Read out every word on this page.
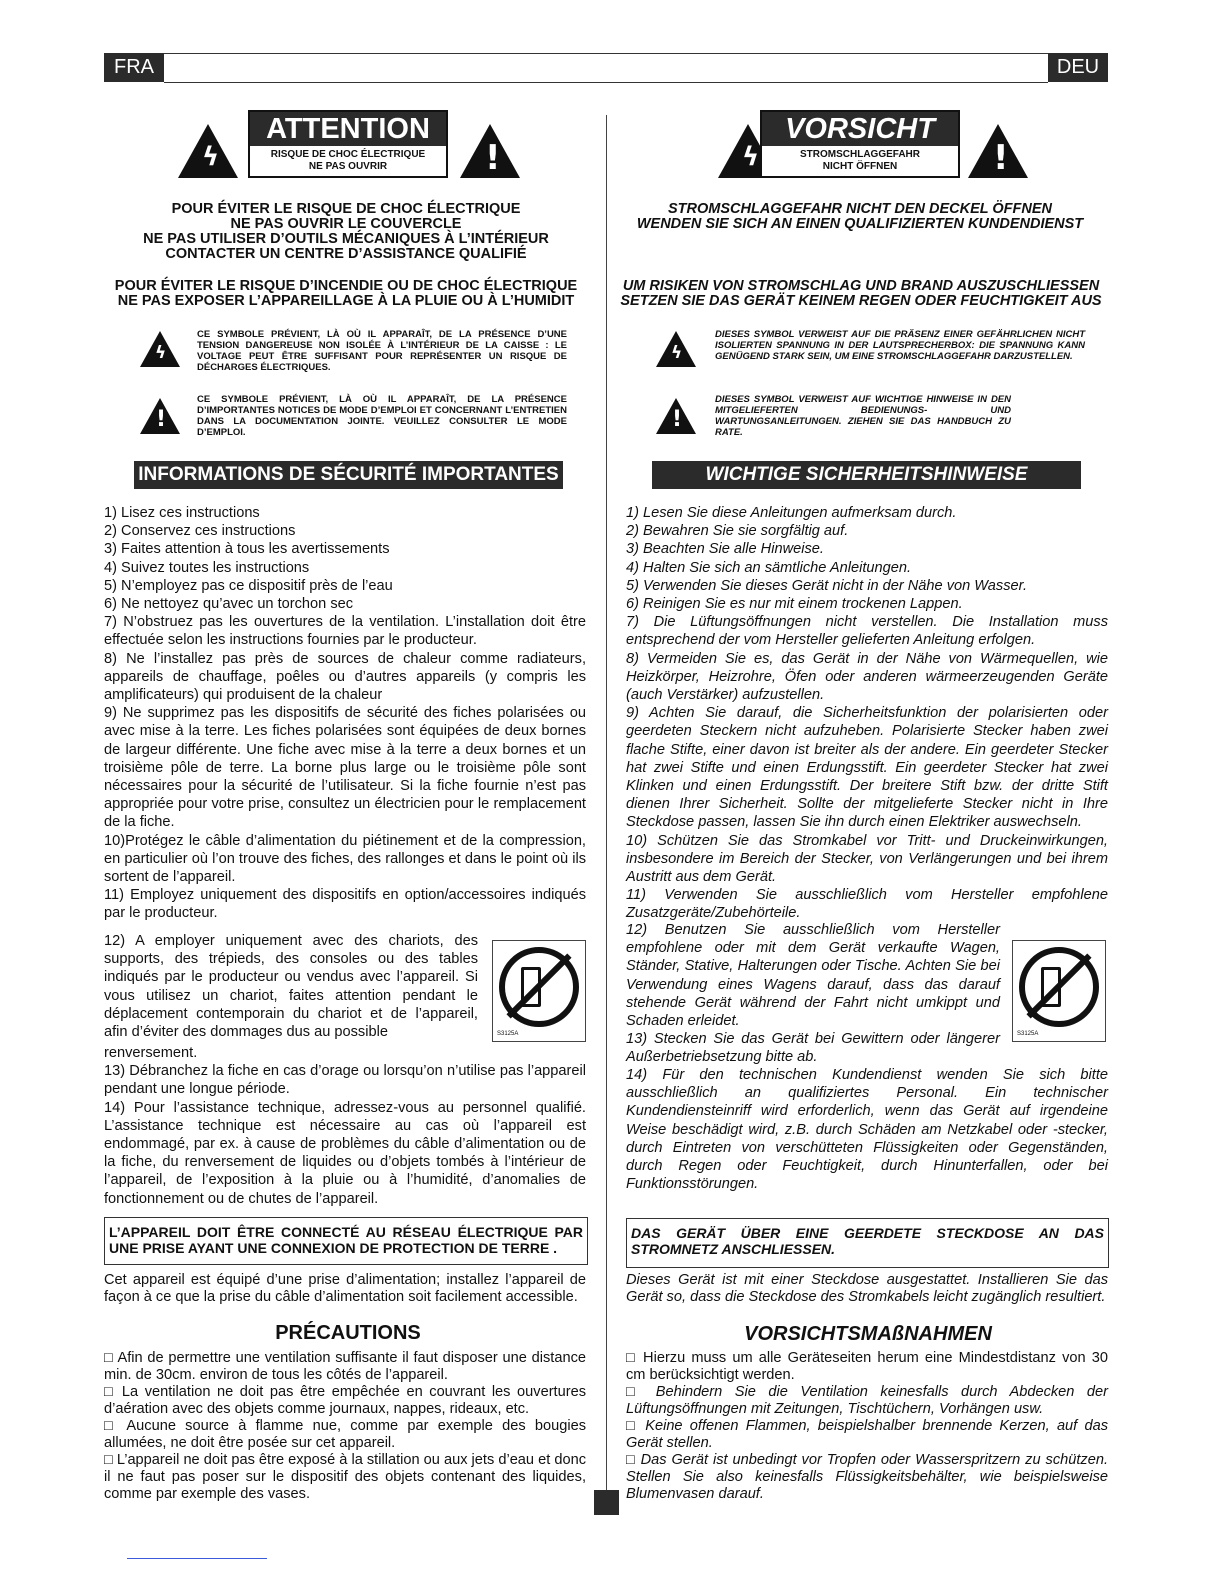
FRA	DEU
ϟ
ATTENTION
RISQUE DE CHOC ÉLECTRIQUE
NE PAS OUVRIR	!
POUR ÉVITER LE RISQUE DE CHOC ÉLECTRIQUE
NE PAS OUVRIR LE COUVERCLE
NE PAS UTILISER D’OUTILS MÉCANIQUES À L’INTÉRIEUR
CONTACTER UN CENTRE D’ASSISTANCE QUALIFIÉ
POUR ÉVITER LE RISQUE D’INCENDIE OU DE CHOC ÉLECTRIQUE
NE PAS EXPOSER L’APPAREILLAGE À LA PLUIE OU À L’HUMIDIT
ϟ
CE SYMBOLE PRÉVIENT, LÀ OÙ IL APPARAÎT, DE LA PRÉSENCE D’UNE TENSION DANGEREUSE NON ISOLÉE À L’INTÉRIEUR DE LA CAISSE : LE VOLTAGE PEUT ÊTRE SUFFISANT POUR REPRÉSENTER UN RISQUE DE DÉCHARGES ÉLECTRIQUES.
!
CE SYMBOLE PRÉVIENT, LÀ OÙ IL APPARAÎT, DE LA PRÉSENCE D’IMPORTANTES NOTICES DE MODE D’EMPLOI ET CONCERNANT L’ENTRETIEN DANS LA DOCUMENTATION JOINTE. VEUILLEZ CONSULTER LE MODE D’EMPLOI.
INFORMATIONS DE SÉCURITÉ IMPORTANTES

1) Lisez ces instructions

2) Conservez ces instructions

3) Faites attention à tous les avertissements

4) Suivez toutes les instructions

5) N’employez pas ce dispositif près de l’eau

6) Ne nettoyez qu’avec un torchon sec

7) N’obstruez pas les ouvertures de la ventilation. L’installation doit être effectuée selon les instructions fournies par le producteur.

8) Ne l’installez pas près de sources de chaleur comme radiateurs, appareils de chauffage, poêles ou d’autres appareils (y compris les amplificateurs) qui produisent de la chaleur

9) Ne supprimez pas les dispositifs de sécurité des fiches polarisées ou avec mise à la terre. Les fiches polarisées sont équipées de deux bornes de largeur différente. Une fiche avec mise à la terre a deux bornes et un troisième pôle de terre. La borne plus large ou le troisième pôle sont nécessaires pour la sécurité de l’utilisateur. Si la fiche fournie n’est pas appropriée pour votre prise, consultez un électricien pour le remplacement de la fiche.

10)Protégez le câble d’alimentation du piétinement et de la compression, en particulier où l’on trouve des fiches, des rallonges et dans le point où ils sortent de l’appareil.

11) Employez uniquement des dispositifs en option/accessoires indiqués par le producteur.

12) A employer uniquement avec des chariots, des supports, des trépieds, des consoles ou des tables indiqués par le producteur ou vendus avec l’appareil. Si vous utilisez un chariot, faites attention pendant le déplacement contemporain du chariot et de l’appareil, afin d’éviter des dommages dus au possible	S3125A

renversement.

13) Débranchez la fiche en cas d’orage ou lorsqu’on n’utilise pas l’appareil pendant une longue période.

14) Pour l’assistance technique, adressez-vous au personnel qualifié. L’assistance technique est nécessaire au cas où l’appareil est endommagé, par ex. à cause de problèmes du câble d’alimentation ou de la fiche, du renversement de liquides ou d’objets tombés à l’intérieur de l’appareil, de l’exposition à la pluie ou à l’humidité, d’anomalies de fonctionnement ou de chutes de l’appareil.

L’APPAREIL DOIT ÊTRE CONNECTÉ AU RÉSEAU ÉLECTRIQUE PAR UNE PRISE AYANT UNE CONNEXION DE PROTECTION DE TERRE .
Cet appareil est équipé d’une prise d’alimentation; installez l’appareil de façon à ce que la prise du câble d’alimentation soit facilement accessible.
PRÉCAUTIONS

□ Afin de permettre une ventilation suffisante il faut disposer une distance min. de 30cm. environ de tous les côtés de l’appareil.

□ La ventilation ne doit pas être empêchée en couvrant les ouvertures d’aération avec des objets comme journaux, nappes, rideaux, etc.

□ Aucune source à flamme nue, comme par exemple des bougies allumées, ne doit être posée sur cet appareil.

□ L’appareil ne doit pas être exposé à la stillation ou aux jets d’eau et donc il ne faut pas poser sur le dispositif des objets contenant des liquides, comme par exemple des vases.

ϟ
VORSICHT
STROMSCHLAGGEFAHR
NICHT ÖFFNEN	!
STROMSCHLAGGEFAHR NICHT DEN DECKEL ÖFFNEN
WENDEN SIE SICH AN EINEN QUALIFIZIERTEN KUNDENDIENST
UM RISIKEN VON STROMSCHLAG UND BRAND AUSZUSCHLIESSEN
SETZEN SIE DAS GERÄT KEINEM REGEN ODER FEUCHTIGKEIT AUS
ϟ
DIESES SYMBOL VERWEIST AUF DIE PRÄSENZ EINER GEFÄHRLICHEN NICHT ISOLIERTEN SPANNUNG IN DER LAUTSPRECHERBOX: DIE SPANNUNG KANN GENÜGEND STARK SEIN, UM EINE STROMSCHLAGGEFAHR DARZUSTELLEN.
!
DIESES SYMBOL VERWEIST AUF WICHTIGE HINWEISE IN DEN MITGELIEFERTEN BEDIENUNGS- UND WARTUNGSANLEITUNGEN. ZIEHEN SIE DAS HANDBUCH ZU RATE.
WICHTIGE SICHERHEITSHINWEISE

1) Lesen Sie diese Anleitungen aufmerksam durch.

2) Bewahren Sie sie sorgfältig auf.

3) Beachten Sie alle Hinweise.

4) Halten Sie sich an sämtliche Anleitungen.

5) Verwenden Sie dieses Gerät nicht in der Nähe von Wasser.

6) Reinigen Sie es nur mit einem trockenen Lappen.

7) Die Lüftungsöffnungen nicht verstellen. Die Installation muss entsprechend der vom Hersteller gelieferten Anleitung erfolgen.

8) Vermeiden Sie es, das Gerät in der Nähe von Wärmequellen, wie Heizkörper, Heizrohre, Öfen oder anderen wärmeerzeugenden Geräte (auch Verstärker) aufzustellen.

9) Achten Sie darauf, die Sicherheitsfunktion der polarisierten oder geerdeten Steckern nicht aufzuheben. Polarisierte Stecker haben zwei flache Stifte, einer davon ist breiter als der andere. Ein geerdeter Stecker hat zwei Stifte und einen Erdungsstift. Ein geerdeter Stecker hat zwei Klinken und einen Erdungsstift. Der breitere Stift bzw. der dritte Stift dienen Ihrer Sicherheit. Sollte der mitgelieferte Stecker nicht in Ihre Steckdose passen, lassen Sie ihn durch einen Elektriker auswechseln.

10) Schützen Sie das Stromkabel vor Tritt- und Druckeinwirkungen, insbesondere im Bereich der Stecker, von Verlängerungen und bei ihrem Austritt aus dem Gerät.

11) Verwenden Sie ausschließlich vom Hersteller empfohlene Zusatzgeräte/Zubehörteile.

12) Benutzen Sie ausschließlich vom Hersteller empfohlene oder mit dem Gerät verkaufte Wagen, Ständer, Stative, Halterungen oder Tische. Achten Sie bei Verwendung eines Wagens darauf, dass das darauf stehende Gerät während der Fahrt nicht umkippt und Schaden erleidet.
S3125A
13) Stecken Sie das Gerät bei Gewittern oder längerer Außerbetriebsetzung bitte ab.
14) Für den technischen Kundendienst wenden Sie sich bitte ausschließlich an qualifiziertes Personal. Ein technischer Kundendiensteinriff wird erforderlich, wenn das Gerät auf irgendeine Weise beschädigt wird, z.B. durch Schäden am Netzkabel oder -stecker, durch Eintreten von verschütteten Flüssigkeiten oder Gegenständen, durch Regen oder Feuchtigkeit, durch Hinunterfallen, oder bei Funktionsstörungen.
DAS GERÄT ÜBER EINE GEERDETE STECKDOSE AN DAS STROMNETZ ANSCHLIESSEN.
Dieses Gerät ist mit einer Steckdose ausgestattet. Installieren Sie das Gerät so, dass die Steckdose des Stromkabels leicht zugänglich resultiert.
VORSICHTSMAßNAHMEN

□ Hierzu muss um alle Geräteseiten herum eine Mindestdistanz von 30 cm berücksichtigt werden.

□ Behindern Sie die Ventilation keinesfalls durch Abdecken der Lüftungsöffnungen mit Zeitungen, Tischtüchern, Vorhängen usw.

□ Keine offenen Flammen, beispielshalber brennende Kerzen, auf das Gerät stellen.

□ Das Gerät ist unbedingt vor Tropfen oder Wasserspritzern zu schützen. Stellen Sie also keinesfalls Flüssigkeitsbehälter, wie beispielsweise Blumenvasen darauf.
